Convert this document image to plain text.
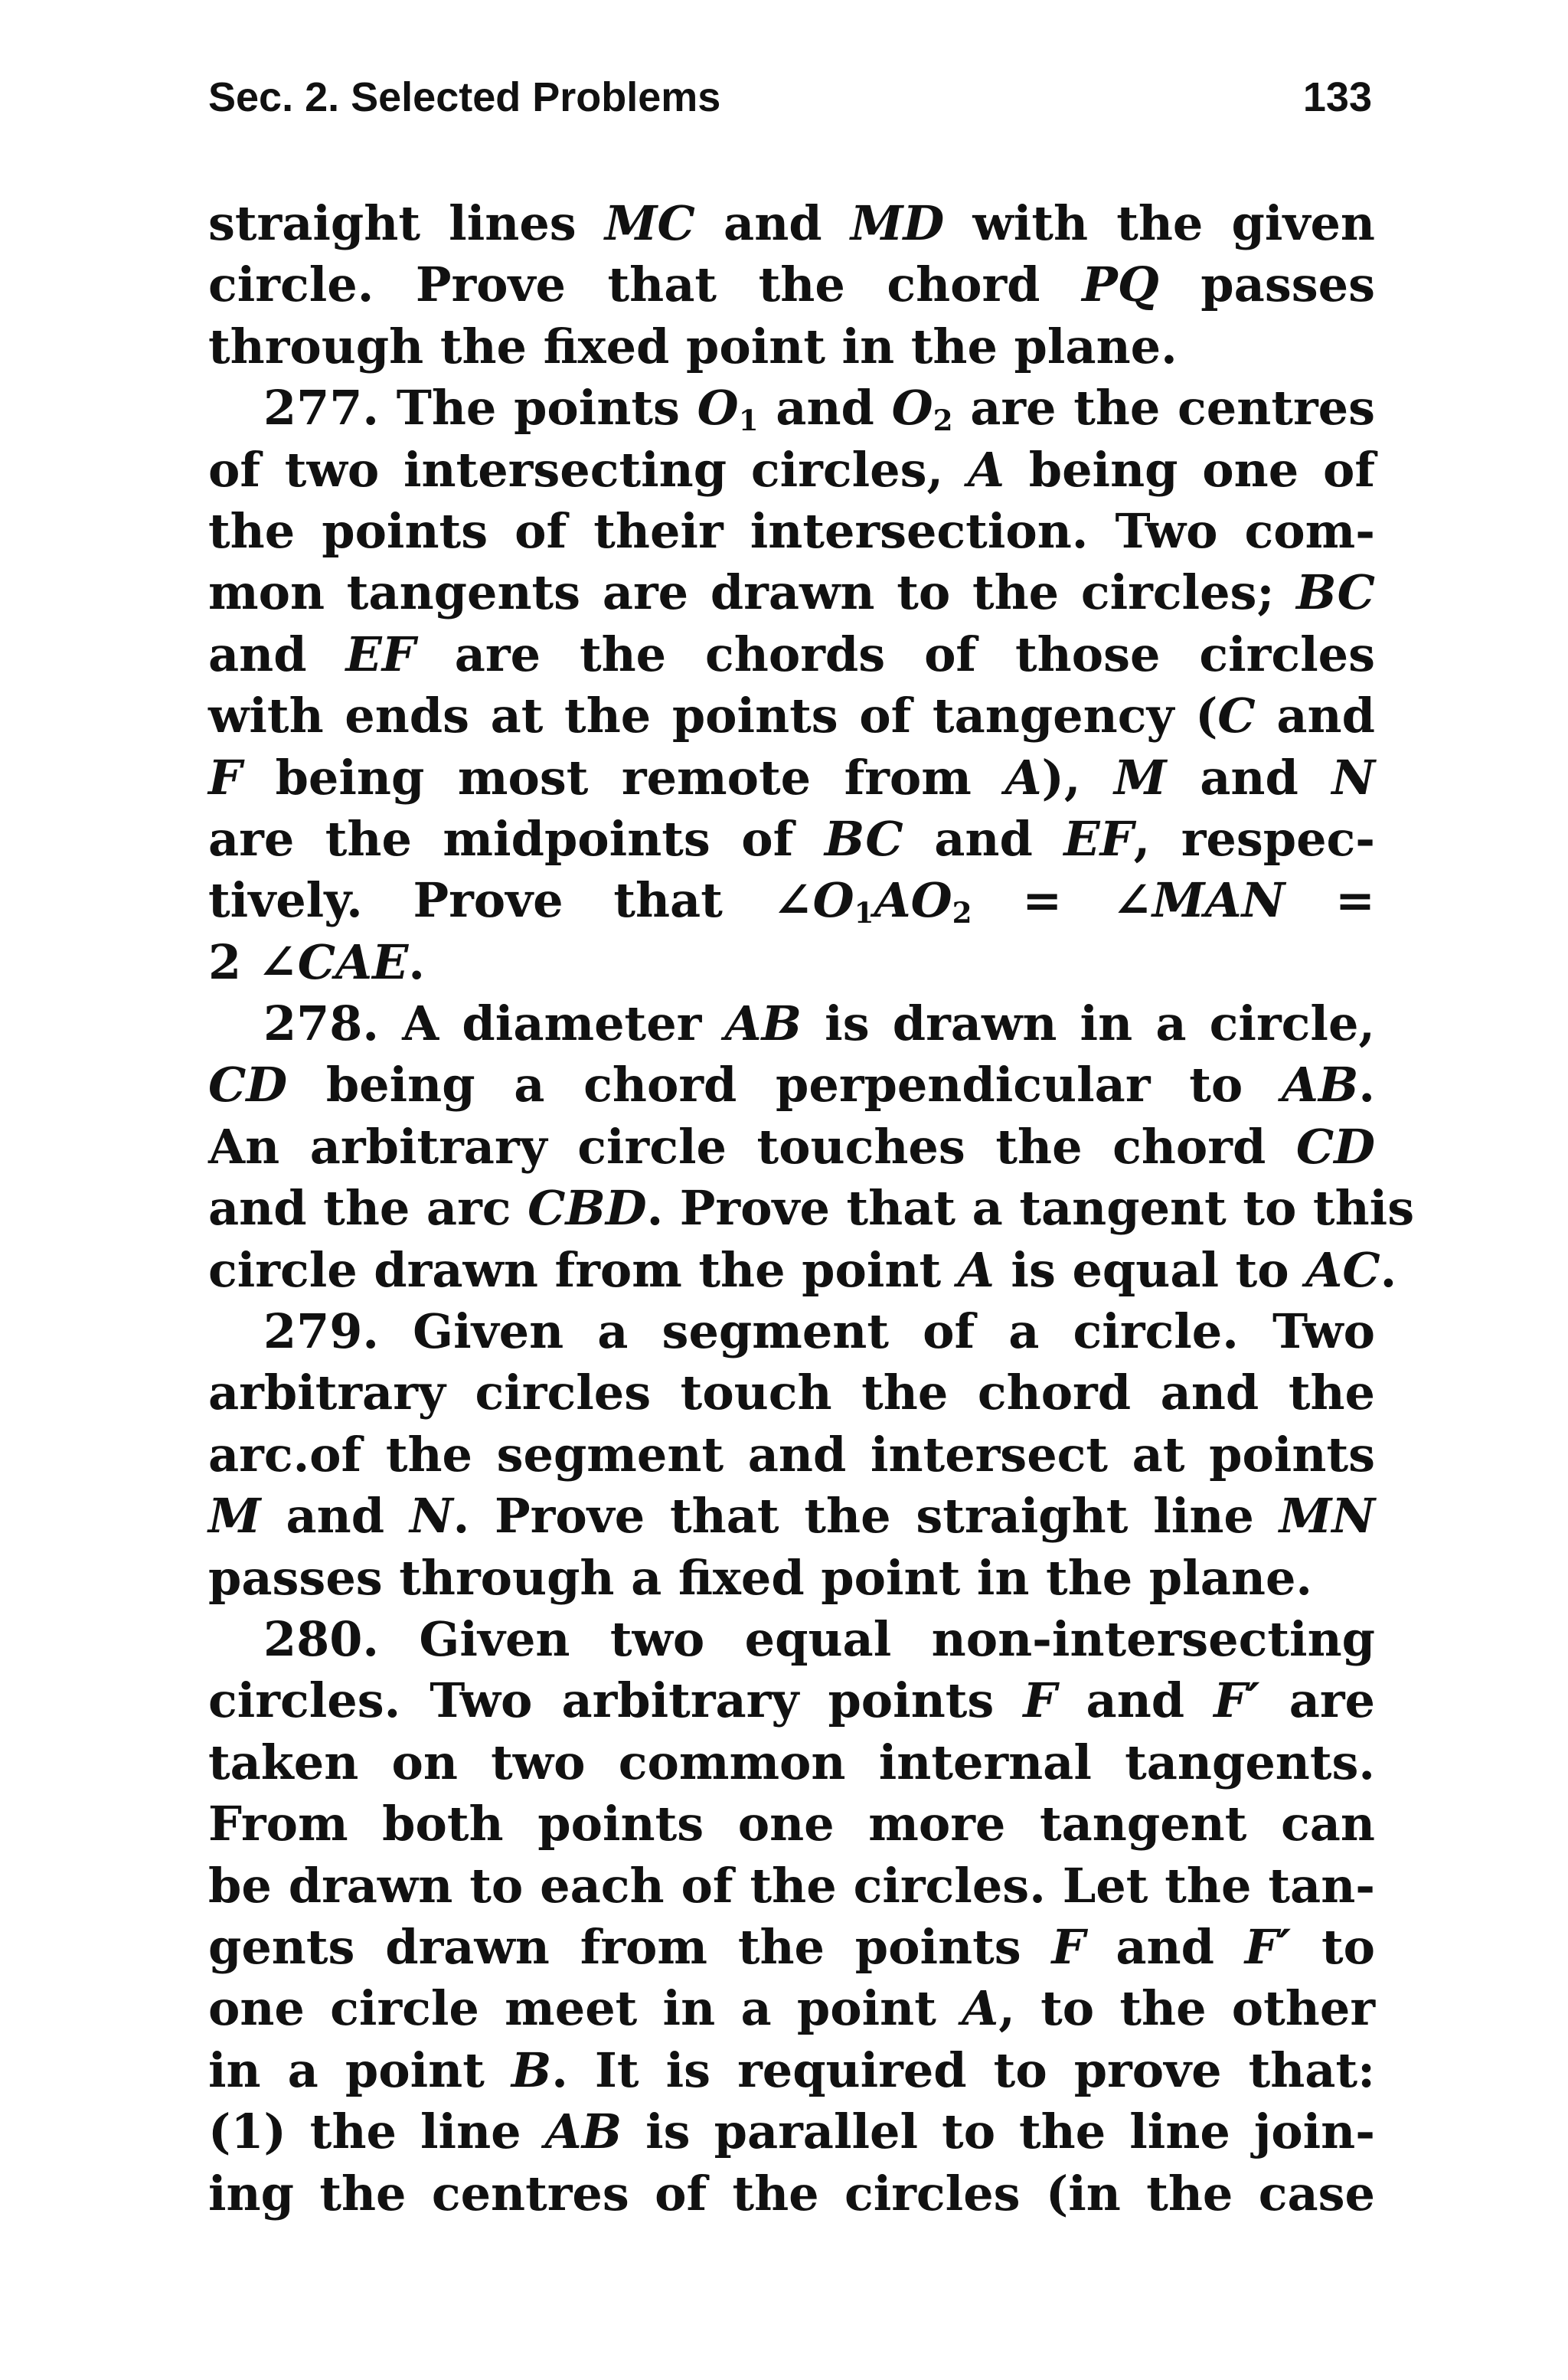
Sec. 2. Selected Problems	133
straight lines MC and MD with the given
circle. Prove that the chord PQ passes
through the fixed point in the plane.
277. The points $O_1$ and $O_2$ are the centres
of two intersecting circles, A being one of
the points of their intersection. Two com-
mon tangents are drawn to the circles; BC
and EF are the chords of those circles
with ends at the points of tangency (C and
F being most remote from A), M and N
are the midpoints of BC and EF, respec-
tively. Prove that $\angle O_1AO_2$ = ∠MAN =
2 ∠CAE.
278. A diameter AB is drawn in a circle,
CD being a chord perpendicular to AB.
An arbitrary circle touches the chord CD
and the arc CBD. Prove that a tangent to this
circle drawn from the point A is equal to AC.
279. Given a segment of a circle. Two
arbitrary circles touch the chord and the
arc.of the segment and intersect at points
M and N. Prove that the straight line MN
passes through a fixed point in the plane.
280. Given two equal non-intersecting
circles. Two arbitrary points F and F′ are
taken on two common internal tangents.
From both points one more tangent can
be drawn to each of the circles. Let the tan-
gents drawn from the points F and F′ to
one circle meet in a point A, to the other
in a point B. It is required to prove that:
(1) the line AB is parallel to the line join-
ing the centres of the circles (in the case
